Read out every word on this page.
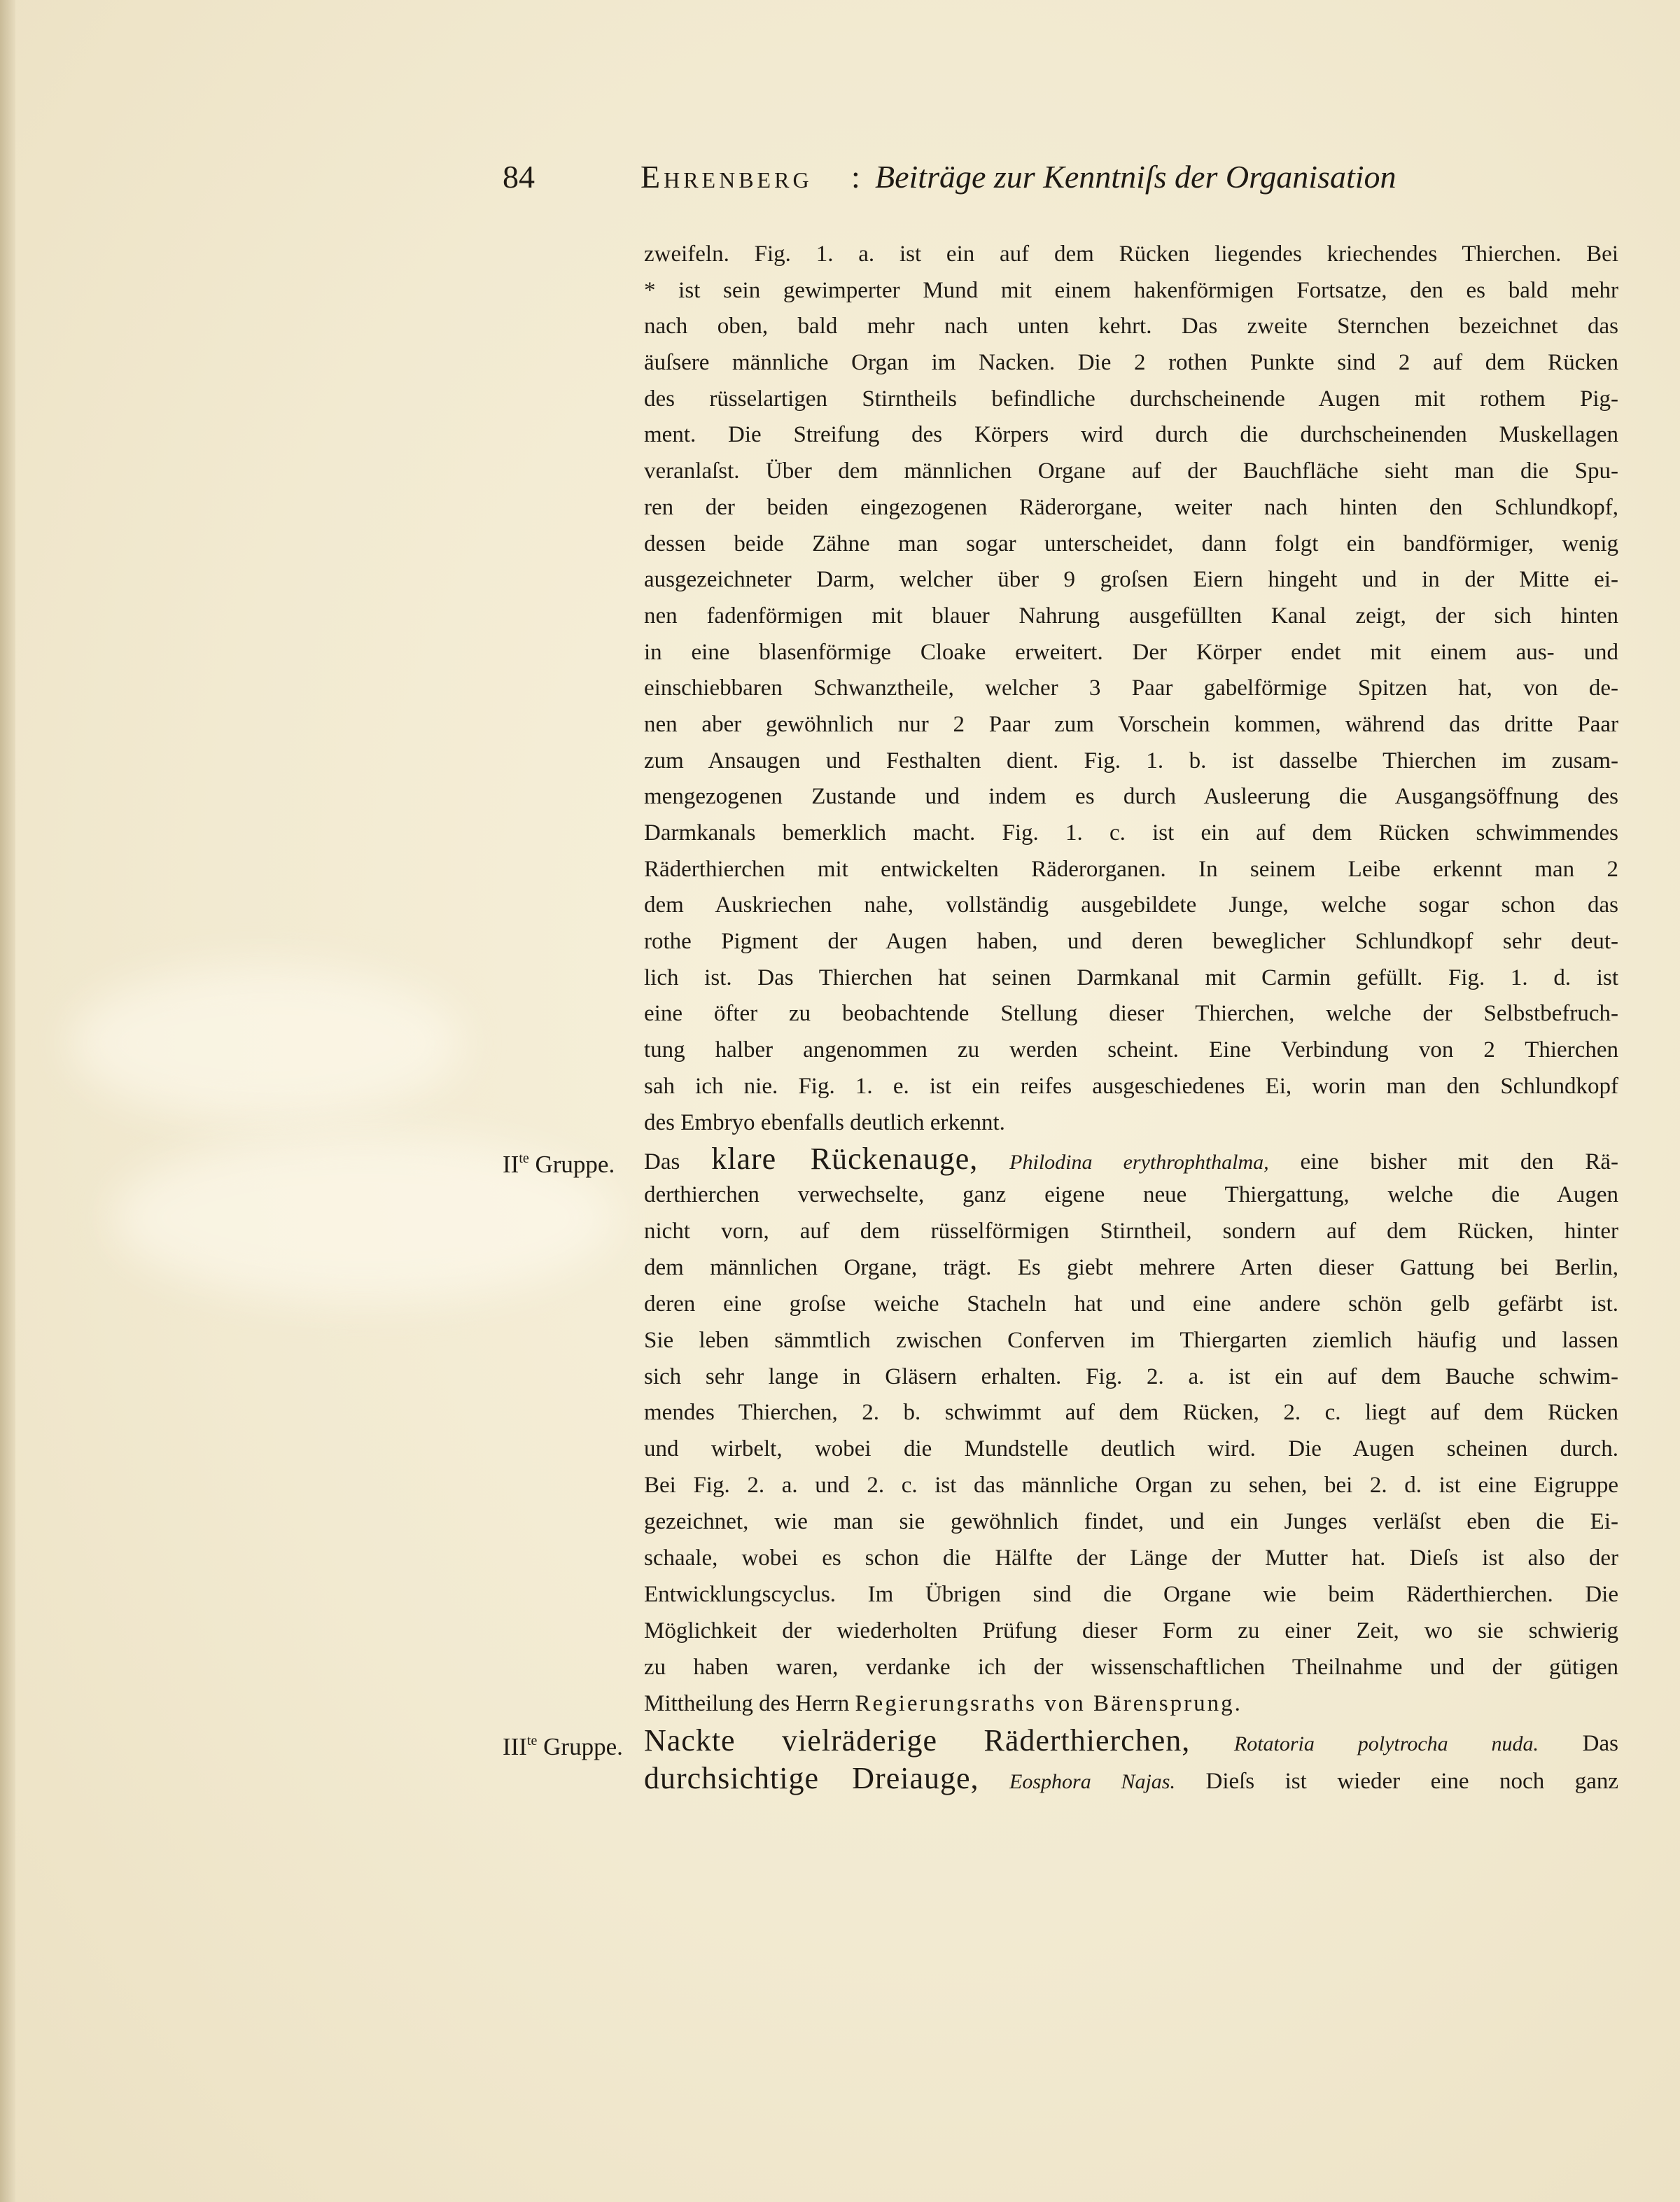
84	Ehrenberg : Beiträge zur Kenntniſs der Organisation
zweifeln. Fig. 1. a. ist ein auf dem Rücken liegendes kriechendes Thierchen. Bei
* ist sein gewimperter Mund mit einem hakenförmigen Fortsatze, den es bald mehr
nach oben, bald mehr nach unten kehrt. Das zweite Sternchen bezeichnet das
äuſsere männliche Organ im Nacken. Die 2 rothen Punkte sind 2 auf dem Rücken
des rüsselartigen Stirntheils befindliche durchscheinende Augen mit rothem Pig-
ment. Die Streifung des Körpers wird durch die durchscheinenden Muskellagen
veranlaſst. Über dem männlichen Organe auf der Bauchfläche sieht man die Spu-
ren der beiden eingezogenen Räderorgane, weiter nach hinten den Schlundkopf,
dessen beide Zähne man sogar unterscheidet, dann folgt ein bandförmiger, wenig
ausgezeichneter Darm, welcher über 9 groſsen Eiern hingeht und in der Mitte ei-
nen fadenförmigen mit blauer Nahrung ausgefüllten Kanal zeigt, der sich hinten
in eine blasenförmige Cloake erweitert. Der Körper endet mit einem aus- und
einschiebbaren Schwanztheile, welcher 3 Paar gabelförmige Spitzen hat, von de-
nen aber gewöhnlich nur 2 Paar zum Vorschein kommen, während das dritte Paar
zum Ansaugen und Festhalten dient. Fig. 1. b. ist dasselbe Thierchen im zusam-
mengezogenen Zustande und indem es durch Ausleerung die Ausgangsöffnung des
Darmkanals bemerklich macht. Fig. 1. c. ist ein auf dem Rücken schwimmendes
Räderthierchen mit entwickelten Räderorganen. In seinem Leibe erkennt man 2
dem Auskriechen nahe, vollständig ausgebildete Junge, welche sogar schon das
rothe Pigment der Augen haben, und deren beweglicher Schlundkopf sehr deut-
lich ist. Das Thierchen hat seinen Darmkanal mit Carmin gefüllt. Fig. 1. d. ist
eine öfter zu beobachtende Stellung dieser Thierchen, welche der Selbstbefruch-
tung halber angenommen zu werden scheint. Eine Verbindung von 2 Thierchen
sah ich nie. Fig. 1. e. ist ein reifes ausgeschiedenes Ei, worin man den Schlundkopf
des Embryo ebenfalls deutlich erkennt.
$II^{te}$ Gruppe.	Das klare Rückenauge, Philodina erythrophthalma, eine bisher mit den Rä-
derthierchen verwechselte, ganz eigene neue Thiergattung, welche die Augen
nicht vorn, auf dem rüsselförmigen Stirntheil, sondern auf dem Rücken, hinter
dem männlichen Organe, trägt. Es giebt mehrere Arten dieser Gattung bei Berlin,
deren eine groſse weiche Stacheln hat und eine andere schön gelb gefärbt ist.
Sie leben sämmtlich zwischen Conferven im Thiergarten ziemlich häufig und lassen
sich sehr lange in Gläsern erhalten. Fig. 2. a. ist ein auf dem Bauche schwim-
mendes Thierchen, 2. b. schwimmt auf dem Rücken, 2. c. liegt auf dem Rücken
und wirbelt, wobei die Mundstelle deutlich wird. Die Augen scheinen durch.
Bei Fig. 2. a. und 2. c. ist das männliche Organ zu sehen, bei 2. d. ist eine Eigruppe
gezeichnet, wie man sie gewöhnlich findet, und ein Junges verläſst eben die Ei-
schaale, wobei es schon die Hälfte der Länge der Mutter hat. Dieſs ist also der
Entwicklungscyclus. Im Übrigen sind die Organe wie beim Räderthierchen. Die
Möglichkeit der wiederholten Prüfung dieser Form zu einer Zeit, wo sie schwierig
zu haben waren, verdanke ich der wissenschaftlichen Theilnahme und der gütigen
Mittheilung des Herrn Regierungsraths von Bärensprung.
$III^{te}$ Gruppe. Nackte vielräderige Räderthierchen, Rotatoria polytrocha nuda. Das
durchsichtige Dreiauge, Eosphora Najas. Dieſs ist wieder eine noch ganz
